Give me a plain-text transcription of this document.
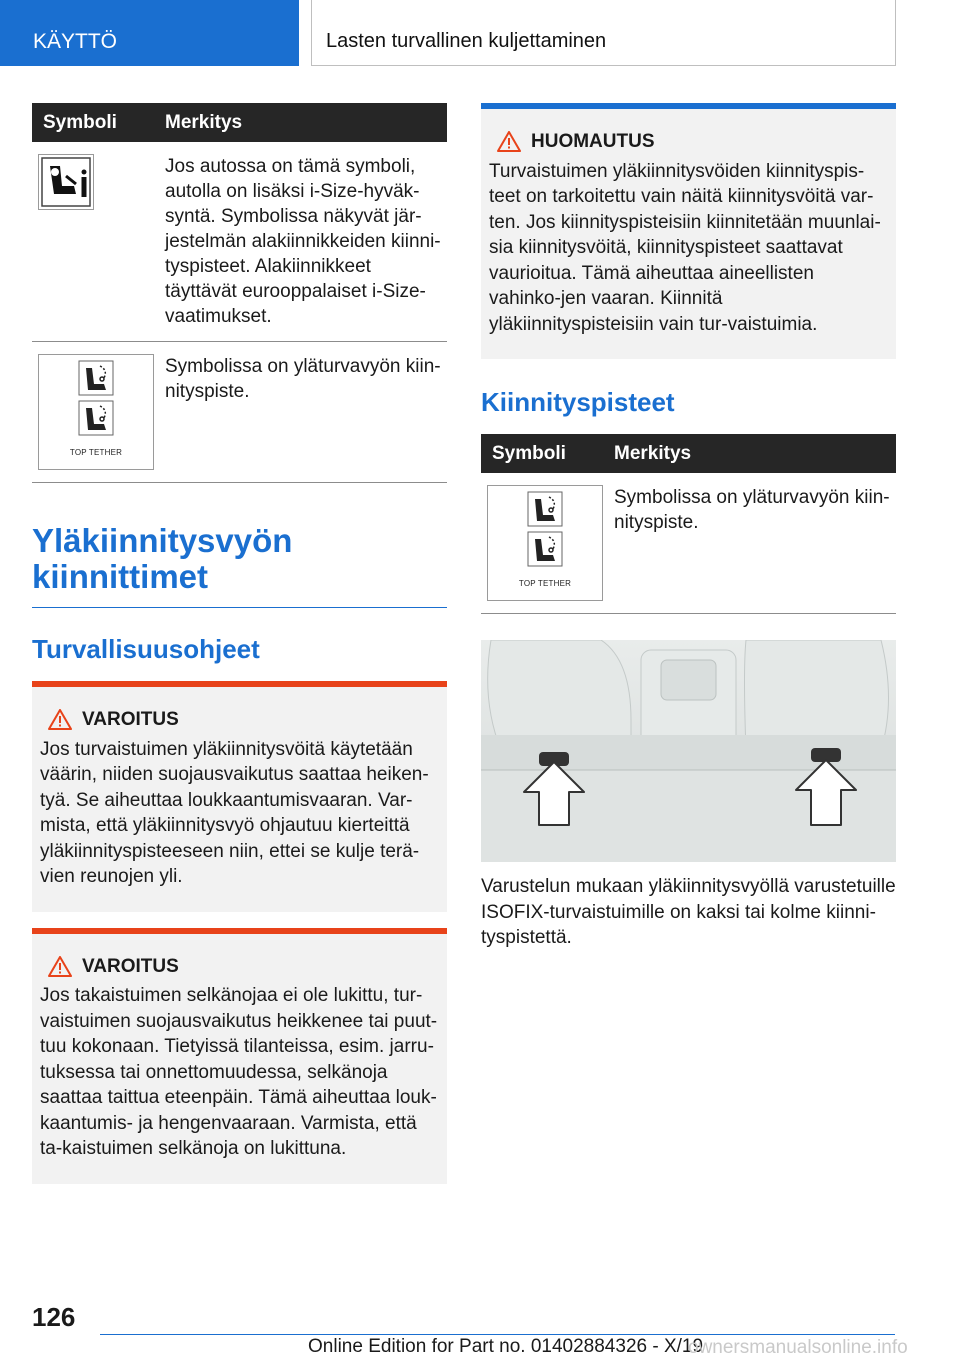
KÄYTTÖ	Lasten turvallinen kuljettaminen
Symboli	Merkitys

	Jos autossa on tämä symboli, autolla on lisäksi i-Size-hyväk-syntä. Symbolissa näkyvät jär-jestelmän alakiinnikkeiden kiinni-tyspisteet. Alakiinnikkeet täyttävät eurooppalaiset i-Size-vaatimukset.

TOP TETHER	Symbolissa on yläturvavyön kiin-nityspiste.
Yläkiinnitysvyön kiinnittimet
Turvallisuusohjeet
VAROITUS
Jos turvaistuimen yläkiinnitysvöitä käytetään väärin, niiden suojausvaikutus saattaa heiken-tyä. Se aiheuttaa loukkaantumisvaaran. Var-mista, että yläkiinnitysvyö ohjautuu kierteittä yläkiinnityspisteeseen niin, ettei se kulje terä-vien reunojen yli.
VAROITUS
Jos takaistuimen selkänojaa ei ole lukittu, tur-vaistuimen suojausvaikutus heikkenee tai puut-tuu kokonaan. Tietyissä tilanteissa, esim. jarru-tuksessa tai onnettomuudessa, selkänoja saattaa taittua eteenpäin. Tämä aiheuttaa louk-kaantumis- ja hengenvaaraan. Varmista, että ta-kaistuimen selkänoja on lukittuna.
HUOMAUTUS
Turvaistuimen yläkiinnitysvöiden kiinnityspis-teet on tarkoitettu vain näitä kiinnitysvöitä var-ten. Jos kiinnityspisteisiin kiinnitetään muunlai-sia kiinnitysvöitä, kiinnityspisteet saattavat vaurioitua. Tämä aiheuttaa aineellisten vahinko-jen vaaran. Kiinnitä yläkiinnityspisteisiin vain tur-vaistuimia.
Kiinnityspisteet
Symboli	Merkitys

TOP TETHER	Symbolissa on yläturvavyön kiin-nityspiste.
Varustelun mukaan yläkiinnitysvyöllä varustetuille ISOFIX-turvaistuimille on kaksi tai kolme kiinni-tyspistettä.
126
Online Edition for Part no. 01402884326 - X/19
ownersmanualsonline.info
